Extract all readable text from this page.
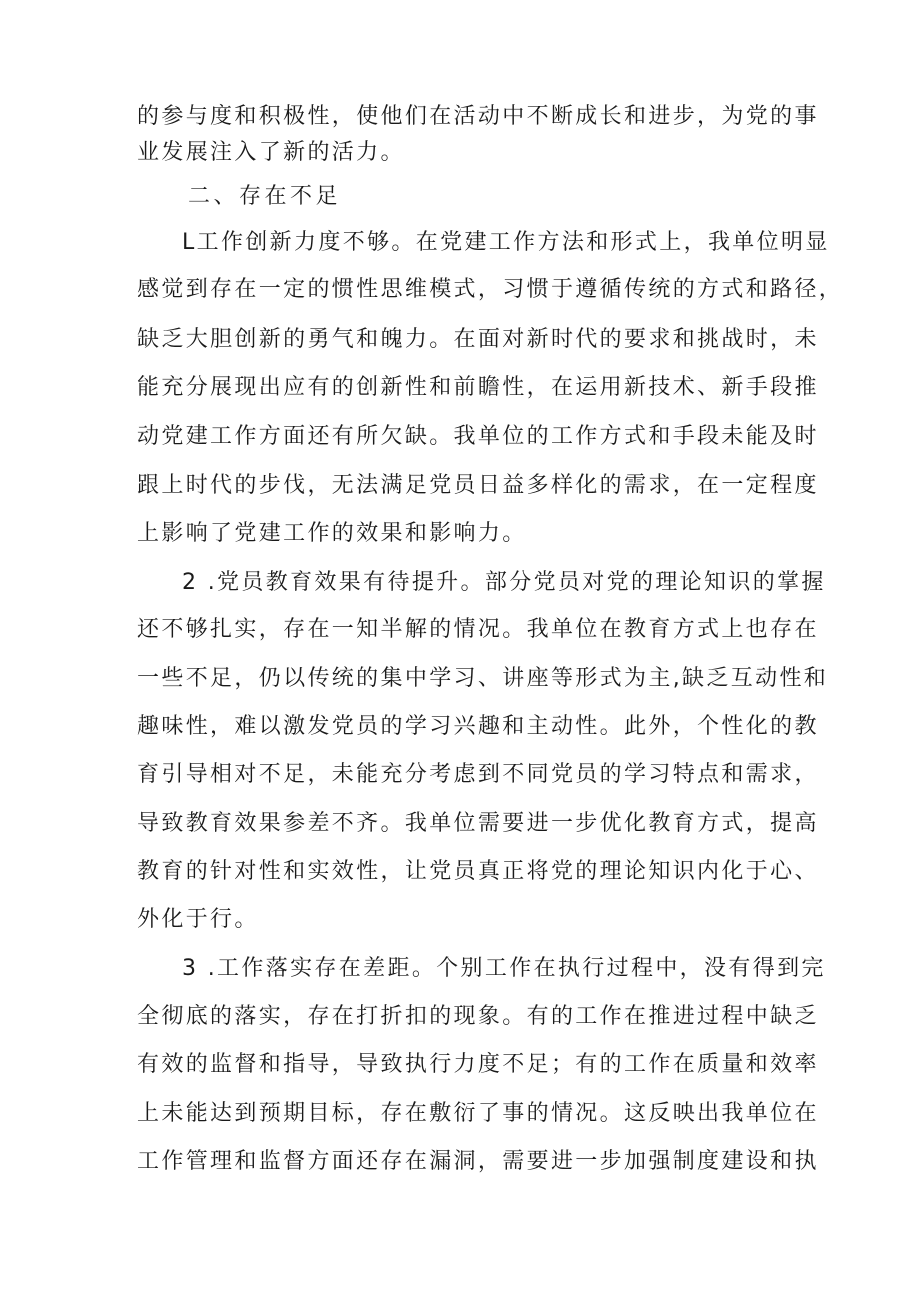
的参与度和积极性，使他们在活动中不断成长和进步，为党的事
业发展注入了新的活力。
二、存在不足
L工作创新力度不够。在党建工作方法和形式上，我单位明显
感觉到存在一定的惯性思维模式，习惯于遵循传统的方式和路径，
缺乏大胆创新的勇气和魄力。在面对新时代的要求和挑战时，未
能充分展现出应有的创新性和前瞻性，在运用新技术、新手段推
动党建工作方面还有所欠缺。我单位的工作方式和手段未能及时
跟上时代的步伐，无法满足党员日益多样化的需求，在一定程度
上影响了党建工作的效果和影响力。
2 .党员教育效果有待提升。部分党员对党的理论知识的掌握
还不够扎实，存在一知半解的情况。我单位在教育方式上也存在
一些不足，仍以传统的集中学习、讲座等形式为主,缺乏互动性和
趣味性，难以激发党员的学习兴趣和主动性。此外，个性化的教
育引导相对不足，未能充分考虑到不同党员的学习特点和需求，
导致教育效果参差不齐。我单位需要进一步优化教育方式，提高
教育的针对性和实效性，让党员真正将党的理论知识内化于心、
外化于行。
3 .工作落实存在差距。个别工作在执行过程中，没有得到完
全彻底的落实，存在打折扣的现象。有的工作在推进过程中缺乏
有效的监督和指导，导致执行力度不足；有的工作在质量和效率
上未能达到预期目标，存在敷衍了事的情况。这反映出我单位在
工作管理和监督方面还存在漏洞，需要进一步加强制度建设和执
